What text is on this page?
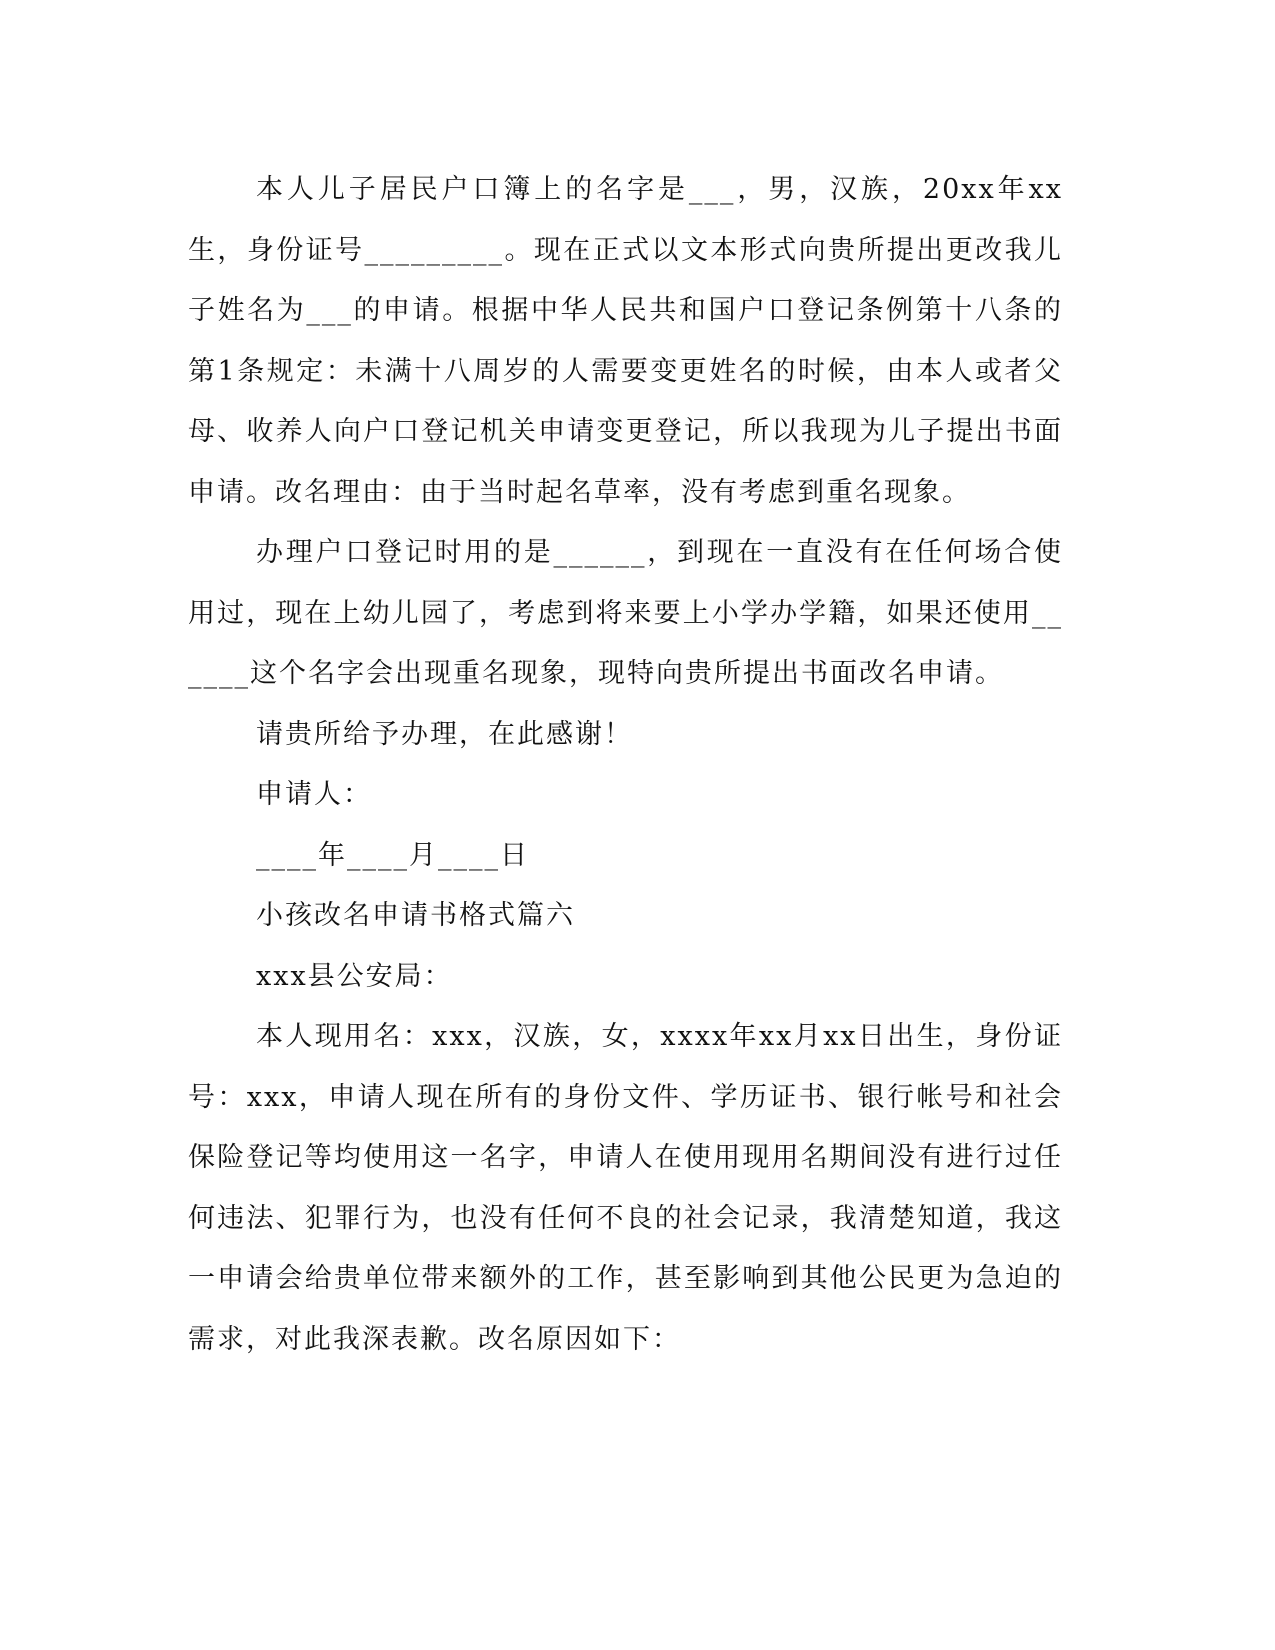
本人儿子居民户口簿上的名字是___，男，汉族，20xx年xx生，身份证号_________。现在正式以文本形式向贵所提出更改我儿子姓名为___的申请。根据中华人民共和国户口登记条例第十八条的第1条规定：未满十八周岁的人需要变更姓名的时候，由本人或者父母、收养人向户口登记机关申请变更登记，所以我现为儿子提出书面申请。改名理由：由于当时起名草率，没有考虑到重名现象。

办理户口登记时用的是______，到现在一直没有在任何场合使用过，现在上幼儿园了，考虑到将来要上小学办学籍，如果还使用______这个名字会出现重名现象，现特向贵所提出书面改名申请。

请贵所给予办理，在此感谢！

申请人：

____年____月____日

小孩改名申请书格式篇六

xxx县公安局：

本人现用名：xxx，汉族，女，xxxx年xx月xx日出生，身份证号：xxx，申请人现在所有的身份文件、学历证书、银行帐号和社会保险登记等均使用这一名字，申请人在使用现用名期间没有进行过任何违法、犯罪行为，也没有任何不良的社会记录，我清楚知道，我这一申请会给贵单位带来额外的工作，甚至影响到其他公民更为急迫的需求，对此我深表歉。改名原因如下：
